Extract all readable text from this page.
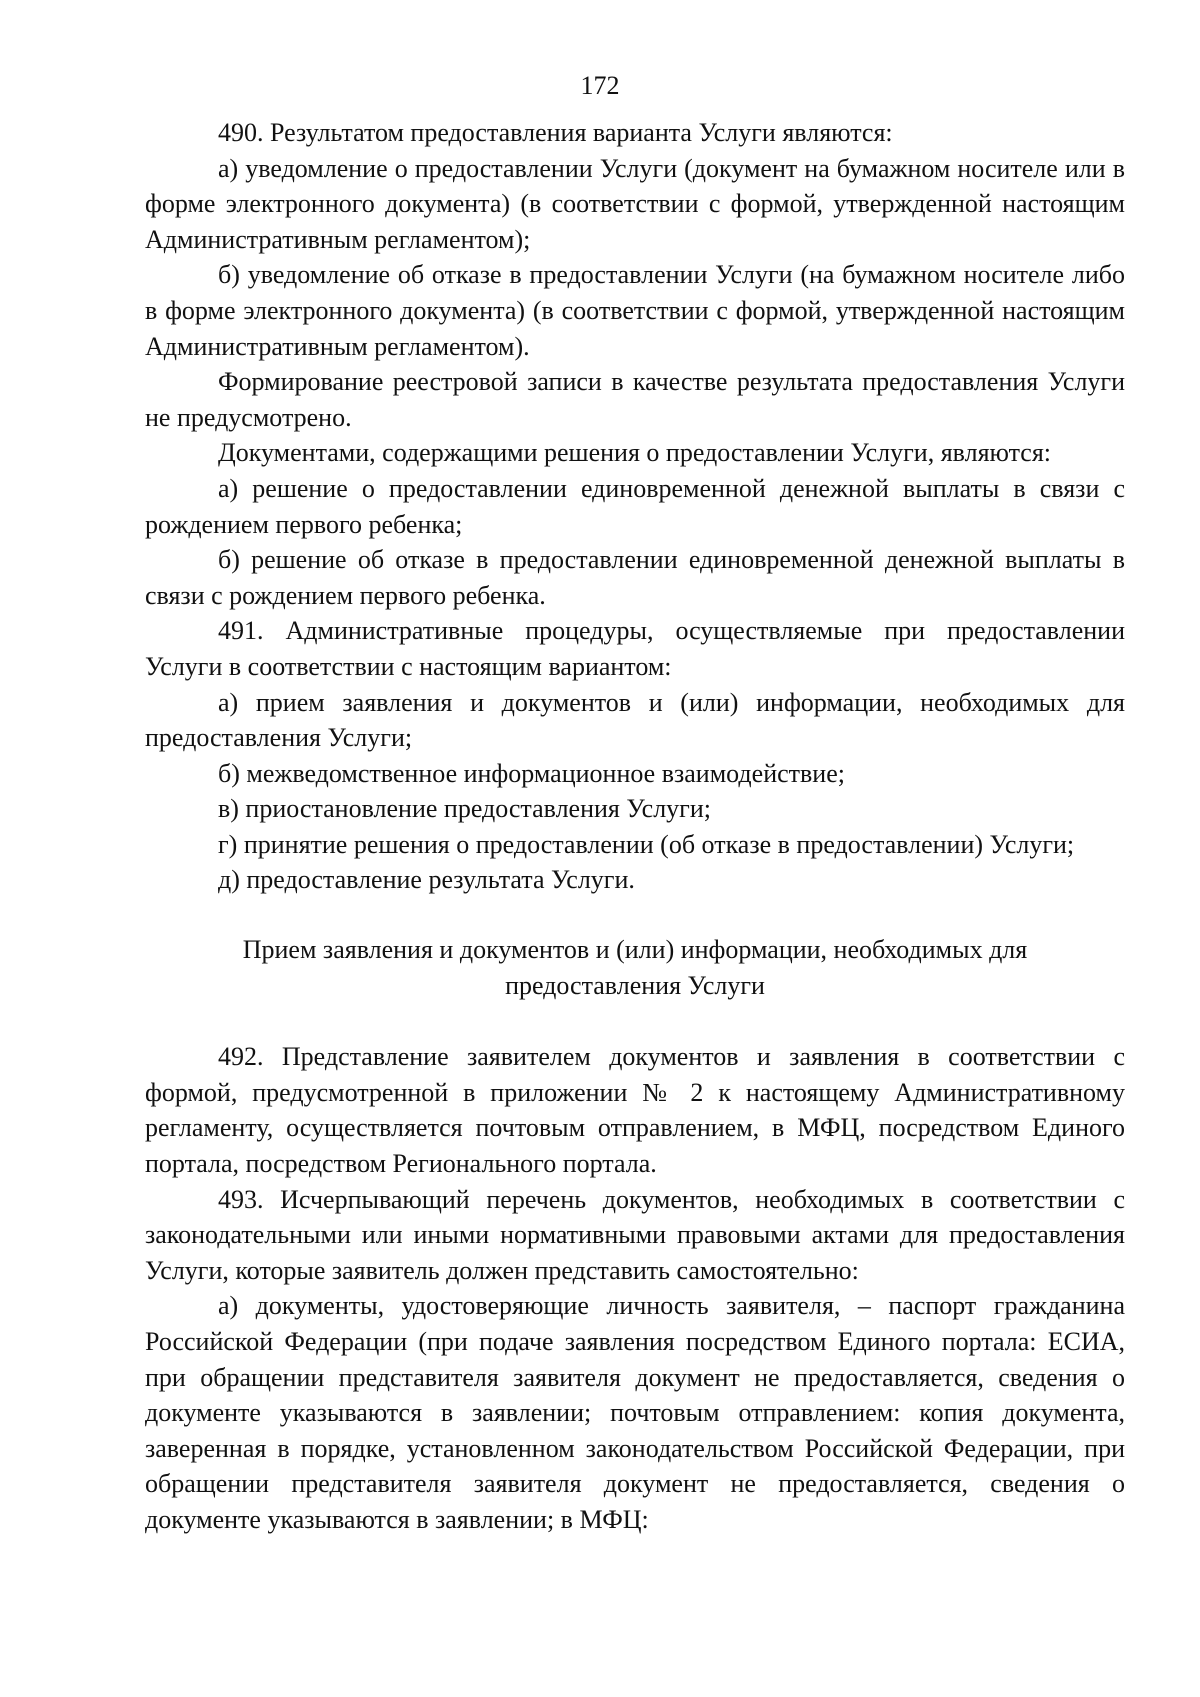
172

490. Результатом предоставления варианта Услуги являются:

а) уведомление о предоставлении Услуги (документ на бумажном носителе или в форме электронного документа) (в соответствии с формой, утвержденной настоящим Административным регламентом);

б) уведомление об отказе в предоставлении Услуги (на бумажном носителе либо в форме электронного документа) (в соответствии с формой, утвержденной настоящим Административным регламентом).

Формирование реестровой записи в качестве результата предоставления Услуги не предусмотрено.

Документами, содержащими решения о предоставлении Услуги, являются:

а) решение о предоставлении единовременной денежной выплаты в связи с рождением первого ребенка;

б) решение об отказе в предоставлении единовременной денежной выплаты в связи с рождением первого ребенка.

491. Административные процедуры, осуществляемые при предоставлении Услуги в соответствии с настоящим вариантом:

а) прием заявления и документов и (или) информации, необходимых для предоставления Услуги;

б) межведомственное информационное взаимодействие;

в) приостановление предоставления Услуги;

г) принятие решения о предоставлении (об отказе в предоставлении) Услуги;

д) предоставление результата Услуги.

Прием заявления и документов и (или) информации, необходимых для
предоставления Услуги

492. Представление заявителем документов и заявления в соответствии с формой, предусмотренной в приложении № 2 к настоящему Административному регламенту, осуществляется почтовым отправлением, в МФЦ, посредством Единого портала, посредством Регионального портала.

493. Исчерпывающий перечень документов, необходимых в соответствии с законодательными или иными нормативными правовыми актами для предоставления Услуги, которые заявитель должен представить самостоятельно:

а) документы, удостоверяющие личность заявителя, – паспорт гражданина Российской Федерации (при подаче заявления посредством Единого портала: ЕСИА, при обращении представителя заявителя документ не предоставляется, сведения о документе указываются в заявлении; почтовым отправлением: копия документа, заверенная в порядке, установленном законодательством Российской Федерации, при обращении представителя заявителя документ не предоставляется, сведения о документе указываются в заявлении; в МФЦ:
